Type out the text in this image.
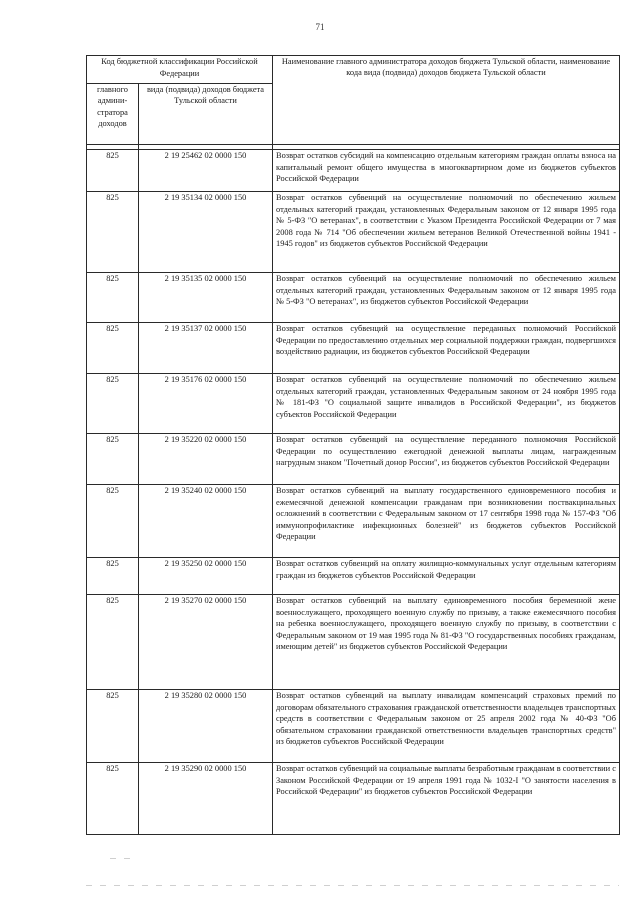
71
Код бюджетной классификации Российской Федерации		Наименование главного администратора доходов бюджета Тульской области, наименование кода вида (подвида) доходов бюджета Тульской области
главного админи-стратора доходов	вида (подвида) доходов бюджета Тульской области	

825	2 19 25462 02 0000 150	Возврат остатков субсидий на компенсацию отдельным категориям граждан оплаты взноса на капитальный ремонт общего имущества в многоквартирном доме из бюджетов субъектов Российской Федерации
825	2 19 35134 02 0000 150	Возврат остатков субвенций на осуществление полномочий по обеспечению жильем отдельных категорий граждан, установленных Федеральным законом от 12 января 1995 года № 5-ФЗ "О ветеранах", в соответствии с Указом Президента Российской Федерации от 7 мая 2008 года № 714 "Об обеспечении жильем ветеранов Великой Отечественной войны 1941 - 1945 годов" из бюджетов субъектов Российской Федерации
825	2 19 35135 02 0000 150	Возврат остатков субвенций на осуществление полномочий по обеспечению жильем отдельных категорий граждан, установленных Федеральным законом от 12 января 1995 года № 5-ФЗ "О ветеранах", из бюджетов субъектов Российской Федерации
825	2 19 35137 02 0000 150	Возврат остатков субвенций на осуществление переданных полномочий Российской Федерации по предоставлению отдельных мер социальной поддержки граждан, подвергшихся воздействию радиации, из бюджетов субъектов Российской Федерации
825	2 19 35176 02 0000 150	Возврат остатков субвенций на осуществление полномочий по обеспечению жильем отдельных категорий граждан, установленных Федеральным законом от 24 ноября 1995 года № 181-ФЗ "О социальной защите инвалидов в Российской Федерации", из бюджетов субъектов Российской Федерации
825	2 19 35220 02 0000 150	Возврат остатков субвенций на осуществление переданного полномочия Российской Федерации по осуществлению ежегодной денежной выплаты лицам, награжденным нагрудным знаком "Почетный донор России", из бюджетов субъектов Российской Федерации
825	2 19 35240 02 0000 150	Возврат остатков субвенций на выплату государственного единовременного пособия и ежемесячной денежной компенсации гражданам при возникновении поствакцинальных осложнений в соответствии с Федеральным законом от 17 сентября 1998 года № 157-ФЗ "Об иммунопрофилактике инфекционных болезней" из бюджетов субъектов Российской Федерации
825	2 19 35250 02 0000 150	Возврат остатков субвенций на оплату жилищно-коммунальных услуг отдельным категориям граждан из бюджетов субъектов Российской Федерации
825	2 19 35270 02 0000 150	Возврат остатков субвенций на выплату единовременного пособия беременной жене военнослужащего, проходящего военную службу по призыву, а также ежемесячного пособия на ребенка военнослужащего, проходящего военную службу по призыву, в соответствии с Федеральным законом от 19 мая 1995 года № 81-ФЗ "О государственных пособиях гражданам, имеющим детей" из бюджетов субъектов Российской Федерации
825	2 19 35280 02 0000 150	Возврат остатков субвенций на выплату инвалидам компенсаций страховых премий по договорам обязательного страхования гражданской ответственности владельцев транспортных средств в соответствии с Федеральным законом от 25 апреля 2002 года № 40-ФЗ "Об обязательном страховании гражданской ответственности владельцев транспортных средств" из бюджетов субъектов Российской Федерации
825	2 19 35290 02 0000 150	Возврат остатков субвенций на социальные выплаты безработным гражданам в соответствии с Законом Российской Федерации от 19 апреля 1991 года № 1032-I "О занятости населения в Российской Федерации" из бюджетов субъектов Российской Федерации
